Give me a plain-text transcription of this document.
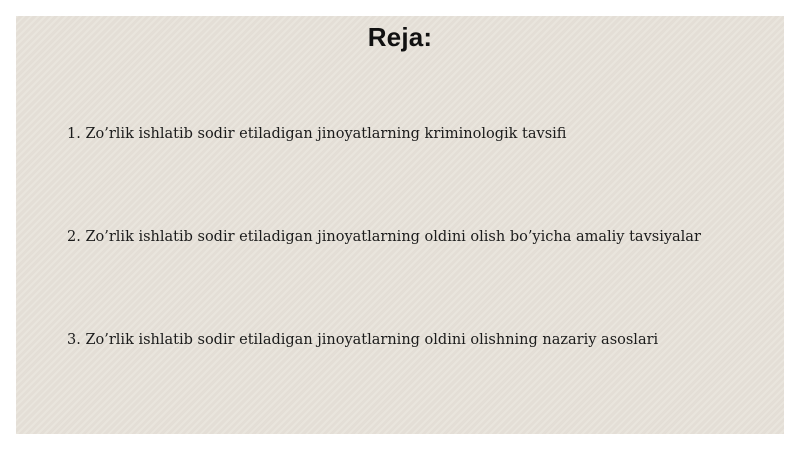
Reja:
1. Zo’rlik ishlatib sodir etiladigan jinoyatlarning kriminologik tavsifi
2. Zo’rlik ishlatib sodir etiladigan jinoyatlarning oldini olish bo’yicha amaliy tavsiyalar
3. Zo’rlik ishlatib sodir etiladigan jinoyatlarning oldini olishning nazariy asoslari
